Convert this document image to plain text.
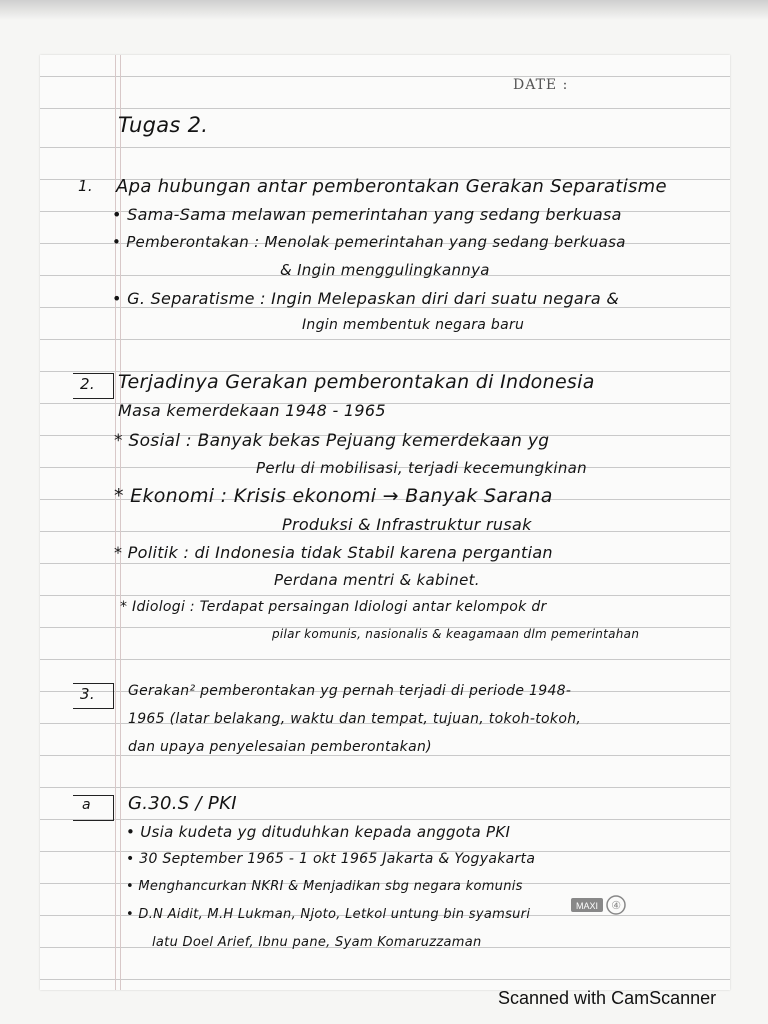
DATE :
Tugas 2.
1. Apa hubungan antar pemberontakan Gerakan Separatisme
• Sama-Sama melawan pemerintahan yang sedang berkuasa
• Pemberontakan : Menolak pemerintahan yang sedang berkuasa
& Ingin menggulingkannya
• G. Separatisme : Ingin Melepaskan diri dari suatu negara &
Ingin membentuk negara baru
2. Terjadinya Gerakan pemberontakan di Indonesia
Masa kemerdekaan 1948 - 1965
* Sosial : Banyak bekas Pejuang kemerdekaan yg
Perlu di mobilisasi, terjadi kecemungkinan
* Ekonomi : Krisis ekonomi → Banyak Sarana
Produksi & Infrastruktur rusak
* Politik : di Indonesia tidak Stabil karena pergantian
Perdana mentri & kabinet.
* Idiologi : Terdapat persaingan Idiologi antar kelompok dr
pilar komunis, nasionalis & keagamaan dlm pemerintahan
3. Gerakan² pemberontakan yg pernah terjadi di periode 1948-
1965 (latar belakang, waktu dan tempat, tujuan, tokoh-tokoh,
dan upaya penyelesaian pemberontakan)
a G.30.S / PKI
• Usia kudeta yg dituduhkan kepada anggota PKI
• 30 September 1965 - 1 okt 1965 Jakarta & Yogyakarta
• Menghancurkan NKRI & Menjadikan sbg negara komunis
• D.N Aidit, M.H Lukman, Njoto, Letkol untung bin syamsuri
latu Doel Arief, Ibnu pane, Syam Komaruzzaman
MAXI ④
Scanned with CamScanner
